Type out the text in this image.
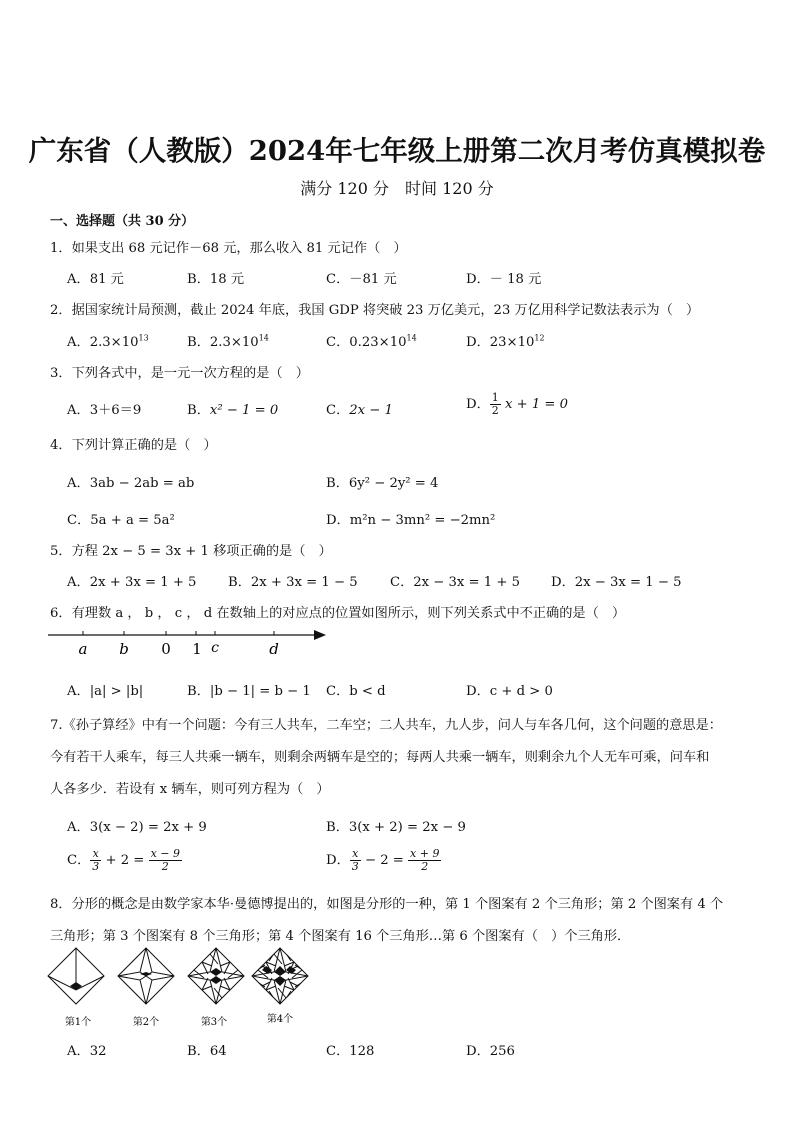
广东省（人教版）2024年七年级上册第二次月考仿真模拟卷
满分 120 分　时间 120 分
一、选择题（共 30 分）
1．如果支出 68 元记作－68 元，那么收入 81 元记作（　）
A．81 元	B．18 元	C．－81 元	D．－ 18 元
2．据国家统计局预测，截止 2024 年底，我国 GDP 将突破 23 万亿美元，23 万亿用科学记数法表示为（　）
A．$2.3\times 10^{13}$	B．$2.3\times 10^{14}$	C．$0.23\times 10^{14}$	D．$23\times 10^{12}$
3．下列各式中，是一元一次方程的是（　）
A．3＋6＝9	B．x² − 1 = 0	C．2x − 1	D． $\frac{1}{2}$ x + 1 = 0
4．下列计算正确的是（　）
A．3ab − 2ab = ab	B．6y² − 2y² = 4
C．5a + a = 5a²	D．m²n − 3mn² = −2mn²
5．方程 2x − 5 = 3x + 1 移项正确的是（　）
A．2x + 3x = 1 + 5 B．2x + 3x = 1 − 5 C．2x − 3x = 1 + 5 D．2x − 3x = 1 − 5
6．有理数 a ， b ， c ， d 在数轴上的对应点的位置如图所示，则下列关系式中不正确的是（　）
a b 0 1 c	d
A．|a| > |b|	B．|b − 1| = b − 1 C．b < d	D．c + d > 0
7.《孙子算经》中有一个问题：今有三人共车，二车空；二人共车，九人步，问人与车各几何，这个问题的意思是：
今有若干人乘车，每三人共乘一辆车，则剩余两辆车是空的；每两人共乘一辆车，则剩余九个人无车可乘，问车和
人各多少．若设有 x 辆车，则可列方程为（　）
A．3(x − 2) = 2x + 9	B．3(x + 2) = 2x − 9
C． $\frac{x}{3} + 2 = \frac{x - 9}{2}$	D． $\frac{x}{3} - 2 = \frac{x + 9}{2}$
8．分形的概念是由数学家本华·曼德博提出的，如图是分形的一种，第 1 个图案有 2 个三角形；第 2 个图案有 4 个
三角形；第 3 个图案有 8 个三角形；第 4 个图案有 16 个三角形…第 6 个图案有（　）个三角形．
第1个	第2个	第3个	第4个
A．32	B．64	C．128	D．256
